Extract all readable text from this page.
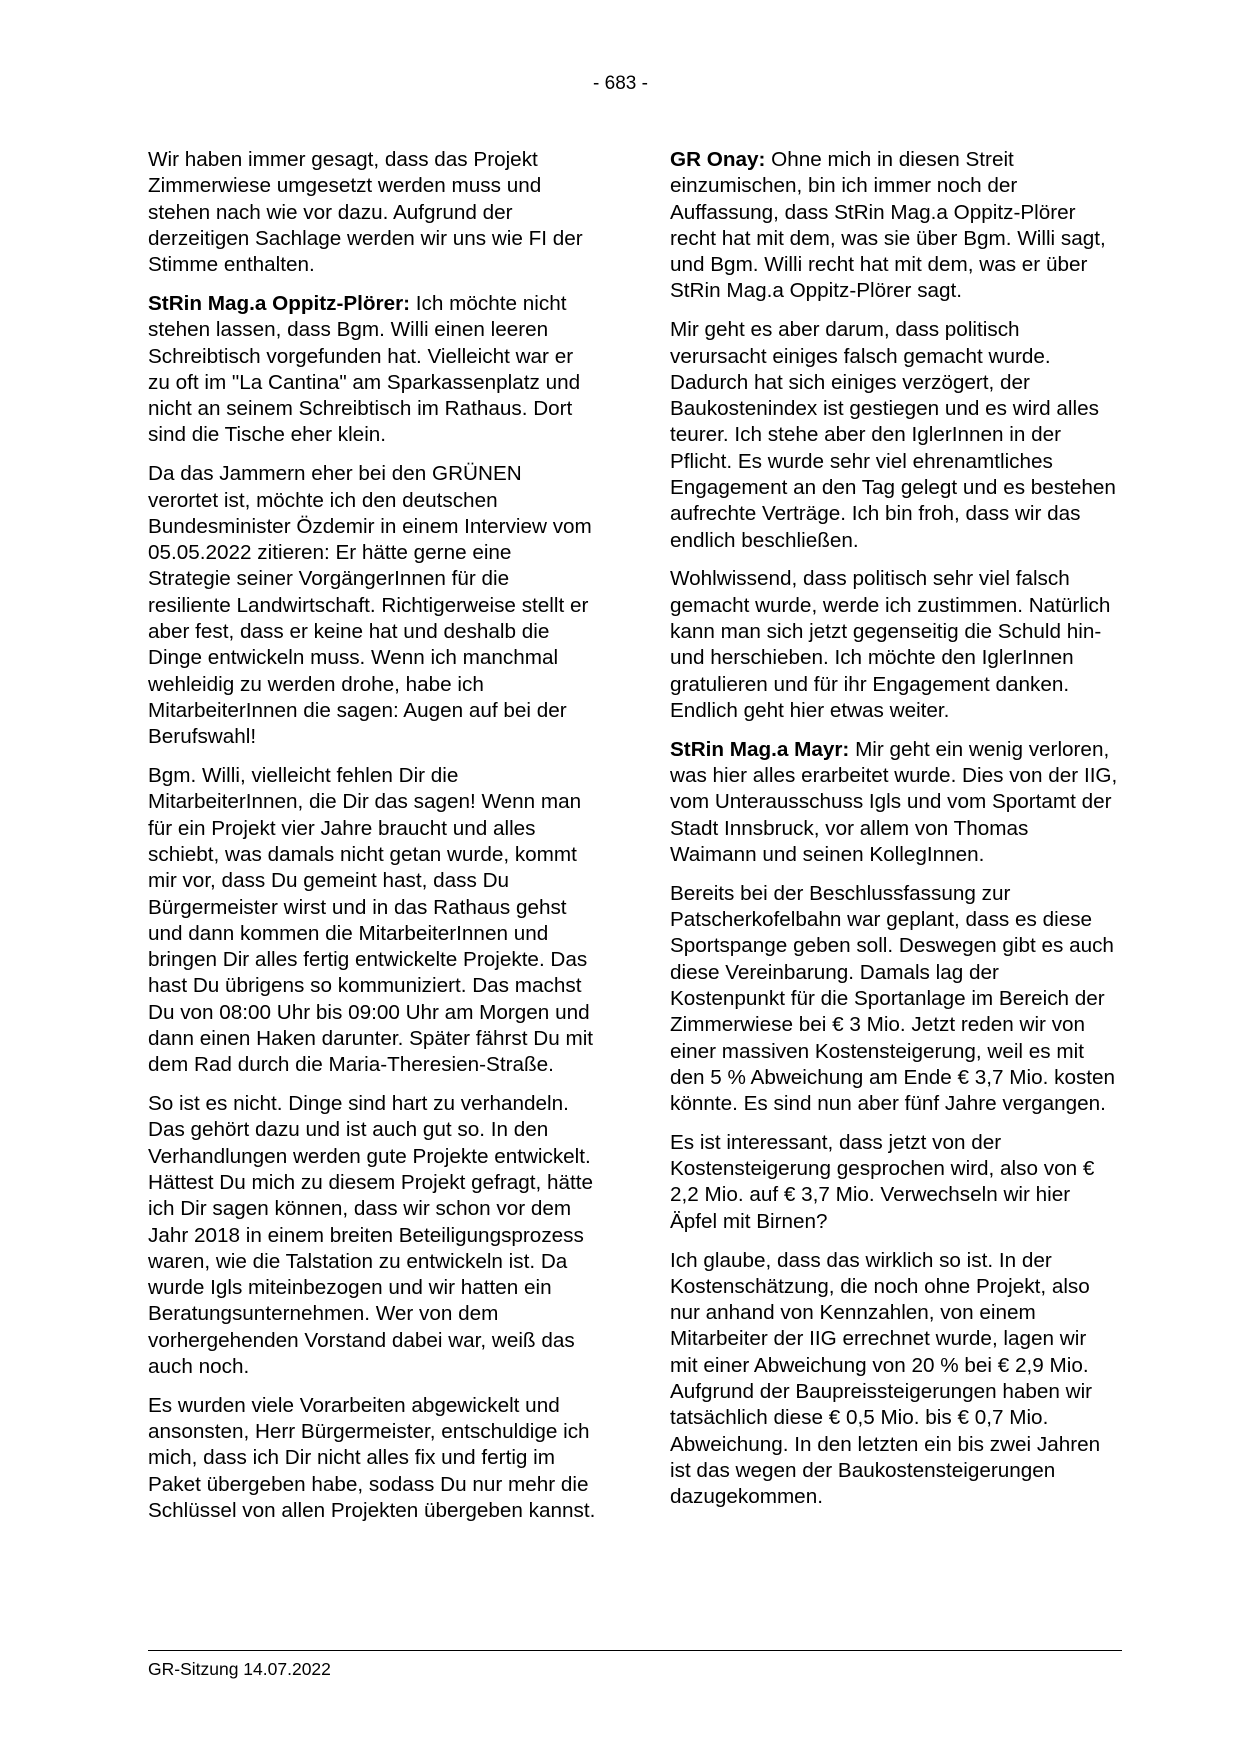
- 683 -

Wir haben immer gesagt, dass das Projekt Zimmerwiese umgesetzt werden muss und stehen nach wie vor dazu. Aufgrund der derzeitigen Sachlage werden wir uns wie FI der Stimme enthalten.

StRin Mag.a Oppitz-Plörer: Ich möchte nicht stehen lassen, dass Bgm. Willi einen leeren Schreibtisch vorgefunden hat. Vielleicht war er zu oft im "La Cantina" am Sparkassenplatz und nicht an seinem Schreibtisch im Rathaus. Dort sind die Tische eher klein.

Da das Jammern eher bei den GRÜNEN verortet ist, möchte ich den deutschen Bundesminister Özdemir in einem Interview vom 05.05.2022 zitieren: Er hätte gerne eine Strategie seiner VorgängerInnen für die resiliente Landwirtschaft. Richtigerweise stellt er aber fest, dass er keine hat und deshalb die Dinge entwickeln muss. Wenn ich manchmal wehleidig zu werden drohe, habe ich MitarbeiterInnen die sagen: Augen auf bei der Berufswahl!

Bgm. Willi, vielleicht fehlen Dir die MitarbeiterInnen, die Dir das sagen! Wenn man für ein Projekt vier Jahre braucht und alles schiebt, was damals nicht getan wurde, kommt mir vor, dass Du gemeint hast, dass Du Bürgermeister wirst und in das Rathaus gehst und dann kommen die MitarbeiterInnen und bringen Dir alles fertig entwickelte Projekte. Das hast Du übrigens so kommuniziert. Das machst Du von 08:00 Uhr bis 09:00 Uhr am Morgen und dann einen Haken darunter. Später fährst Du mit dem Rad durch die Maria-Theresien-Straße.

So ist es nicht. Dinge sind hart zu verhandeln. Das gehört dazu und ist auch gut so. In den Verhandlungen werden gute Projekte entwickelt. Hättest Du mich zu diesem Projekt gefragt, hätte ich Dir sagen können, dass wir schon vor dem Jahr 2018 in einem breiten Beteiligungsprozess waren, wie die Talstation zu entwickeln ist. Da wurde Igls miteinbezogen und wir hatten ein Beratungsunternehmen. Wer von dem vorhergehenden Vorstand dabei war, weiß das auch noch.

Es wurden viele Vorarbeiten abgewickelt und ansonsten, Herr Bürgermeister, entschuldige ich mich, dass ich Dir nicht alles fix und fertig im Paket übergeben habe, sodass Du nur mehr die Schlüssel von allen Projekten übergeben kannst.

GR Onay: Ohne mich in diesen Streit einzumischen, bin ich immer noch der Auffassung, dass StRin Mag.a Oppitz-Plörer recht hat mit dem, was sie über Bgm. Willi sagt, und Bgm. Willi recht hat mit dem, was er über StRin Mag.a Oppitz-Plörer sagt.

Mir geht es aber darum, dass politisch verursacht einiges falsch gemacht wurde. Dadurch hat sich einiges verzögert, der Baukostenindex ist gestiegen und es wird alles teurer. Ich stehe aber den IglerInnen in der Pflicht. Es wurde sehr viel ehrenamtliches Engagement an den Tag gelegt und es bestehen aufrechte Verträge. Ich bin froh, dass wir das endlich beschließen.

Wohlwissend, dass politisch sehr viel falsch gemacht wurde, werde ich zustimmen. Natürlich kann man sich jetzt gegenseitig die Schuld hin- und herschieben. Ich möchte den IglerInnen gratulieren und für ihr Engagement danken. Endlich geht hier etwas weiter.

StRin Mag.a Mayr: Mir geht ein wenig verloren, was hier alles erarbeitet wurde. Dies von der IIG, vom Unterausschuss Igls und vom Sportamt der Stadt Innsbruck, vor allem von Thomas Waimann und seinen KollegInnen.

Bereits bei der Beschlussfassung zur Patscherkofelbahn war geplant, dass es diese Sportspange geben soll. Deswegen gibt es auch diese Vereinbarung. Damals lag der Kostenpunkt für die Sportanlage im Bereich der Zimmerwiese bei € 3 Mio. Jetzt reden wir von einer massiven Kostensteigerung, weil es mit den 5 % Abweichung am Ende € 3,7 Mio. kosten könnte. Es sind nun aber fünf Jahre vergangen.

Es ist interessant, dass jetzt von der Kostensteigerung gesprochen wird, also von € 2,2 Mio. auf € 3,7 Mio. Verwechseln wir hier Äpfel mit Birnen?

Ich glaube, dass das wirklich so ist. In der Kostenschätzung, die noch ohne Projekt, also nur anhand von Kennzahlen, von einem Mitarbeiter der IIG errechnet wurde, lagen wir mit einer Abweichung von 20 % bei € 2,9 Mio. Aufgrund der Baupreissteigerungen haben wir tatsächlich diese € 0,5 Mio. bis € 0,7 Mio. Abweichung. In den letzten ein bis zwei Jahren ist das wegen der Baukostensteigerungen dazugekommen.

GR-Sitzung 14.07.2022
